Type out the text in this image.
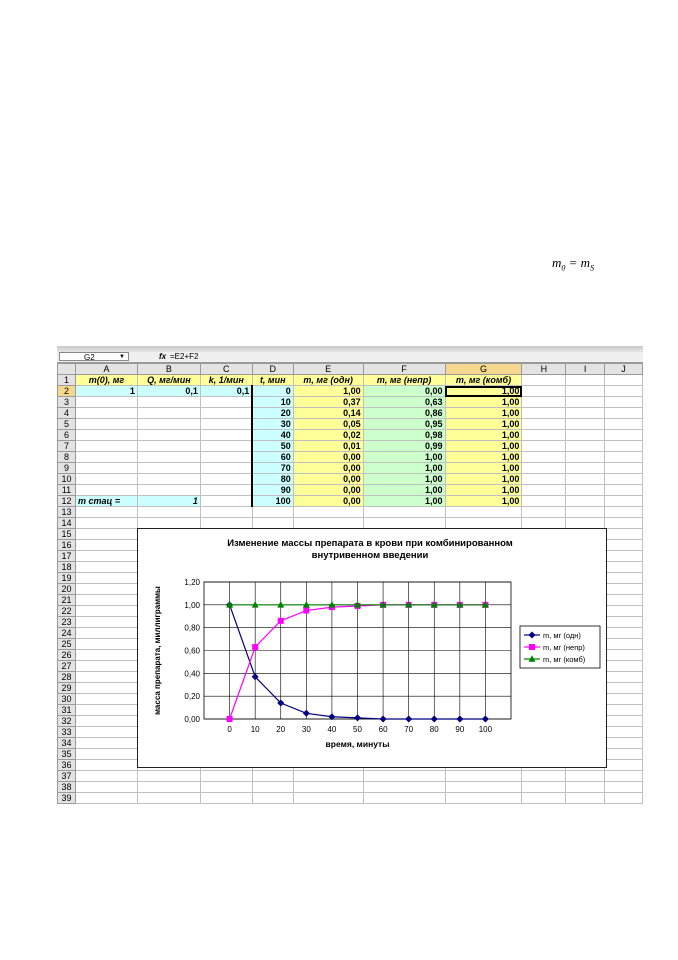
$m_0 = m_S$
G2	▼	fx =E2+F2
	A	B	C	D	E	F	G	H	I	J
1	m(0), мг	Q, мг/мин	k, 1/мин	t, мин	m, мг (одн)	m, мг (непр)	m, мг (комб)			
2	1	0,1	0,1	0	1,00	0,00	1,00			
3				10	0,37	0,63	1,00			
4				20	0,14	0,86	1,00			
5				30	0,05	0,95	1,00			
6				40	0,02	0,98	1,00			
7				50	0,01	0,99	1,00			
8				60	0,00	1,00	1,00			
9				70	0,00	1,00	1,00			
10				80	0,00	1,00	1,00			
11				90	0,00	1,00	1,00			
12	m стац =	1		100	0,00	1,00	1,00			
13										
14										
15										
16										
17										
18										
19										
20										
21										
22										
23										
24										
25										
26										
27										
28										
29										
30										
31										
32										
33										
34										
35										
36										
37										
38										
39										
Изменение массы препарата в крови при комбинированном
внутривенном введении
0,00
0,20
0,40
0,60
0,80
1,00
1,20
0 10 20 30 40 50 60 70 80 90 100
время, минуты
масса препарата, миллиграммы	m, мг (одн)
m, мг (непр)
m, мг (комб)
